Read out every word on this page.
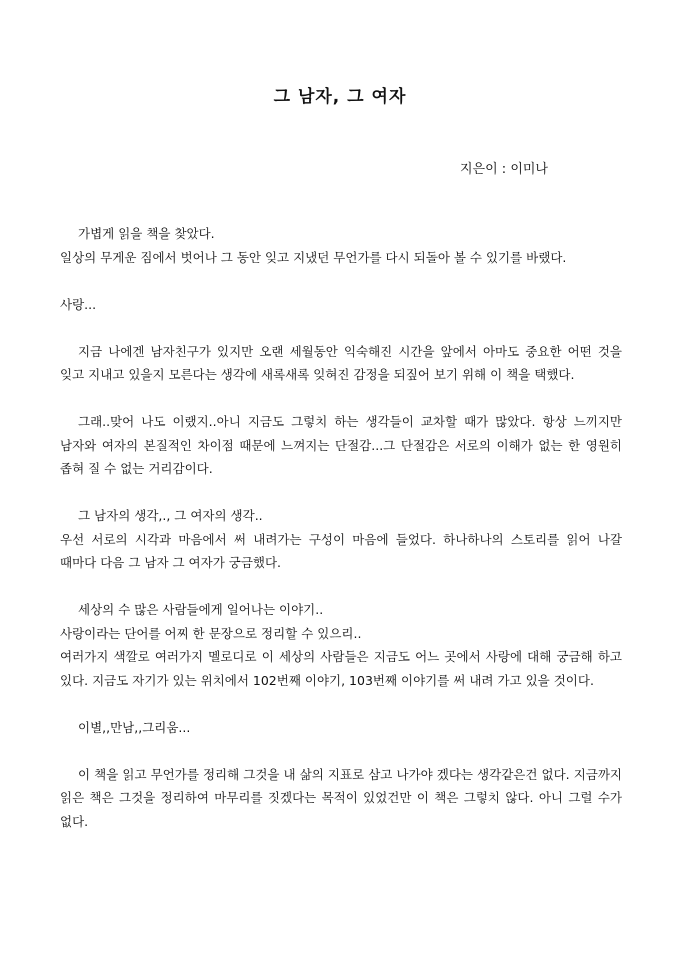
그 남자, 그 여자

지은이 : 이미나

가볍게 읽을 책을 찾았다.
일상의 무게운 짐에서 벗어나 그 동안 잊고 지냈던 무언가를 다시 되돌아 볼 수 있기를 바랬다.

사랑...

지금 나에겐 남자친구가 있지만 오랜 세월동안 익숙해진 시간을 앞에서 아마도 중요한 어떤 것을 잊고 지내고 있을지 모른다는 생각에 새록새록 잊혀진 감정을 되짚어 보기 위해 이 책을 택했다.

그래..맞어 나도 이랬지..아니 지금도 그렇치 하는 생각들이 교차할 때가 많았다. 항상 느끼지만 남자와 여자의 본질적인 차이점 때문에 느껴지는 단절감...그 단절감은 서로의 이해가 없는 한 영원히 좁혀 질 수 없는 거리감이다.

그 남자의 생각,., 그 여자의 생각..
우선 서로의 시각과 마음에서 써 내려가는 구성이 마음에 들었다. 하나하나의 스토리를 읽어 나갈 때마다 다음 그 남자 그 여자가 궁금했다.

세상의 수 많은 사람들에게 일어나는 이야기..
사랑이라는 단어를 어찌 한 문장으로 정리할 수 있으리..
여러가지 색깔로 여러가지 멜로디로 이 세상의 사람들은 지금도 어느 곳에서 사랑에 대해 궁금해 하고 있다. 지금도 자기가 있는 위치에서 102번째 이야기, 103번째 이야기를 써 내려 가고 있을 것이다.

이별,,만남,,그리움...

이 책을 읽고 무언가를 정리해 그것을 내 삶의 지표로 삼고 나가야 겠다는 생각같은건 없다. 지금까지 읽은 책은 그것을 정리하여 마무리를 짓겠다는 목적이 있었건만 이 책은 그렇치 않다. 아니 그럴 수가 없다.
